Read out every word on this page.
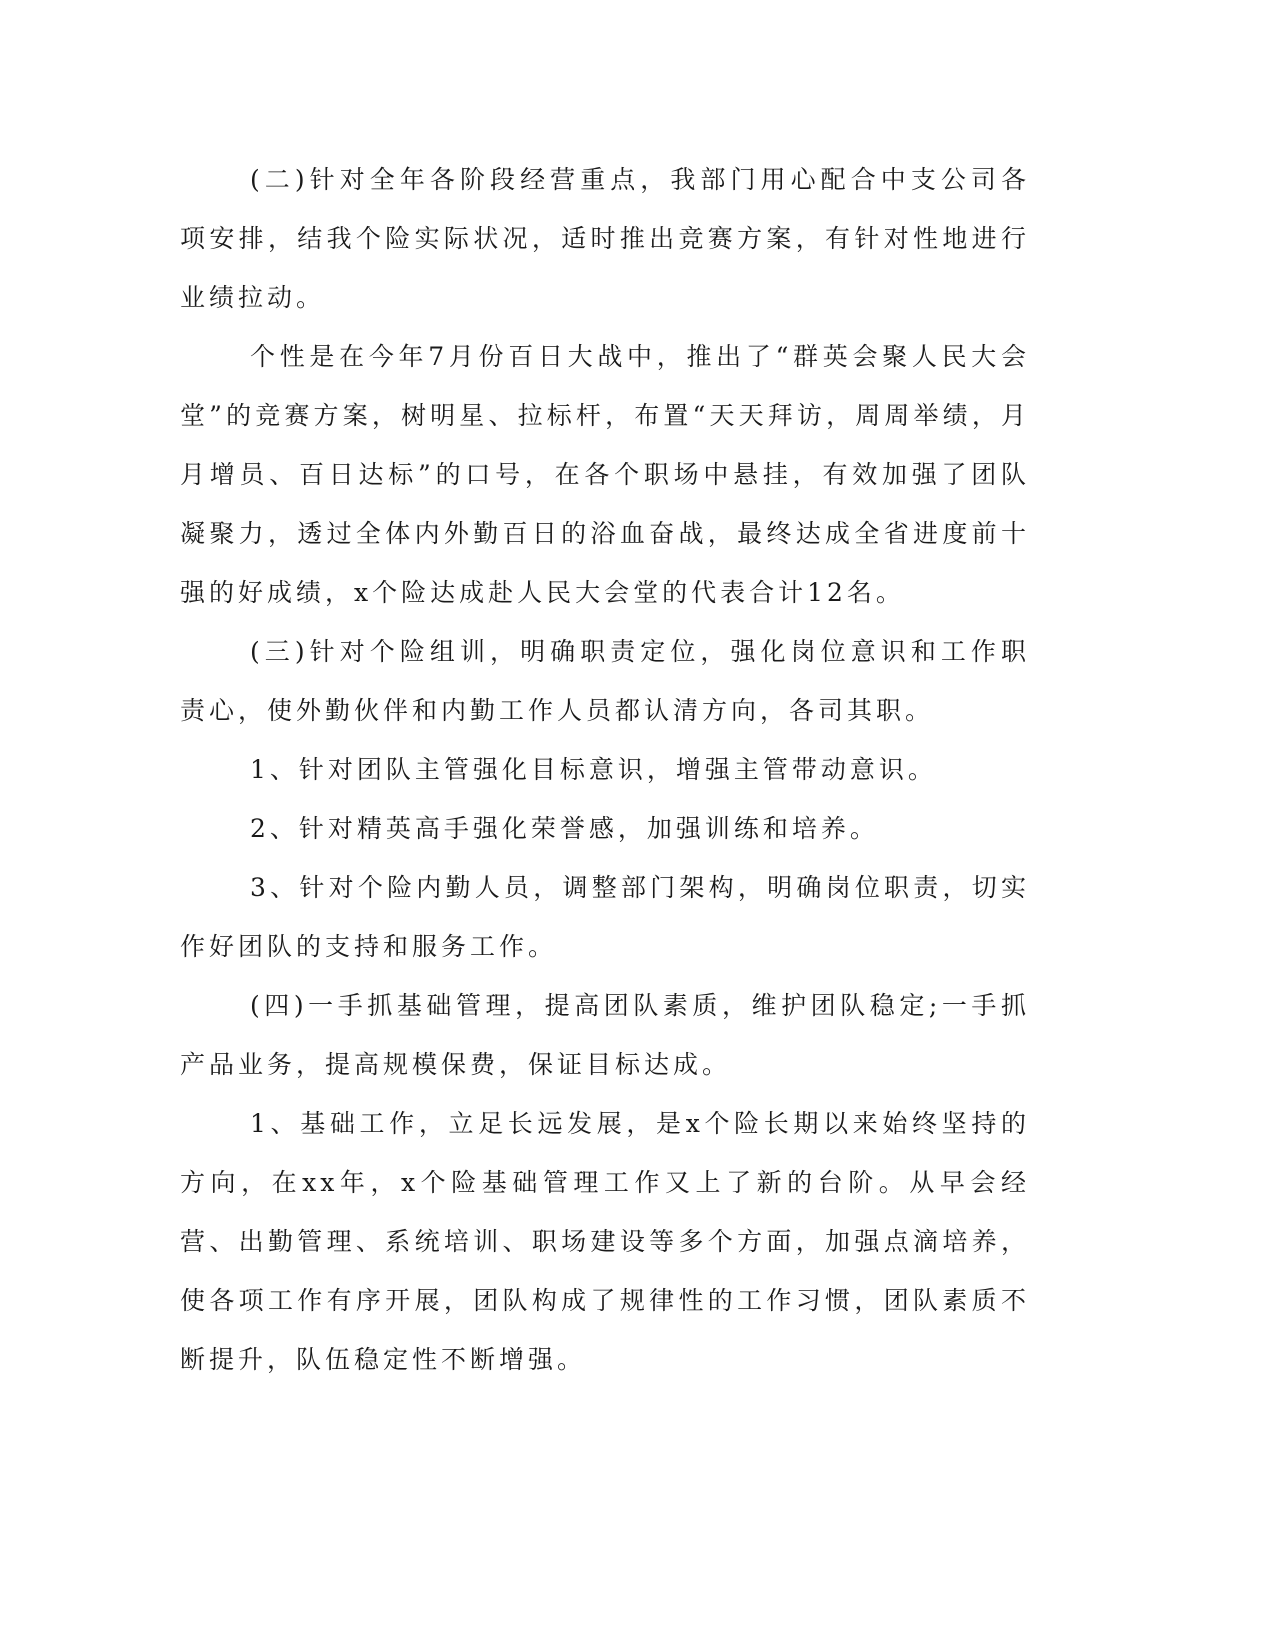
(二)针对全年各阶段经营重点，我部门用心配合中支公司各项安排，结我个险实际状况，适时推出竞赛方案，有针对性地进行业绩拉动。

个性是在今年7月份百日大战中，推出了“群英会聚人民大会堂”的竞赛方案，树明星、拉标杆，布置“天天拜访，周周举绩，月月增员、百日达标”的口号，在各个职场中悬挂，有效加强了团队凝聚力，透过全体内外勤百日的浴血奋战，最终达成全省进度前十强的好成绩，x个险达成赴人民大会堂的代表合计12名。

(三)针对个险组训，明确职责定位，强化岗位意识和工作职责心，使外勤伙伴和内勤工作人员都认清方向，各司其职。

1、针对团队主管强化目标意识，增强主管带动意识。

2、针对精英高手强化荣誉感，加强训练和培养。

3、针对个险内勤人员，调整部门架构，明确岗位职责，切实作好团队的支持和服务工作。

(四)一手抓基础管理，提高团队素质，维护团队稳定;一手抓产品业务，提高规模保费，保证目标达成。

1、基础工作，立足长远发展，是x个险长期以来始终坚持的方向，在xx年，x个险基础管理工作又上了新的台阶。从早会经营、出勤管理、系统培训、职场建设等多个方面，加强点滴培养，使各项工作有序开展，团队构成了规律性的工作习惯，团队素质不断提升，队伍稳定性不断增强。
